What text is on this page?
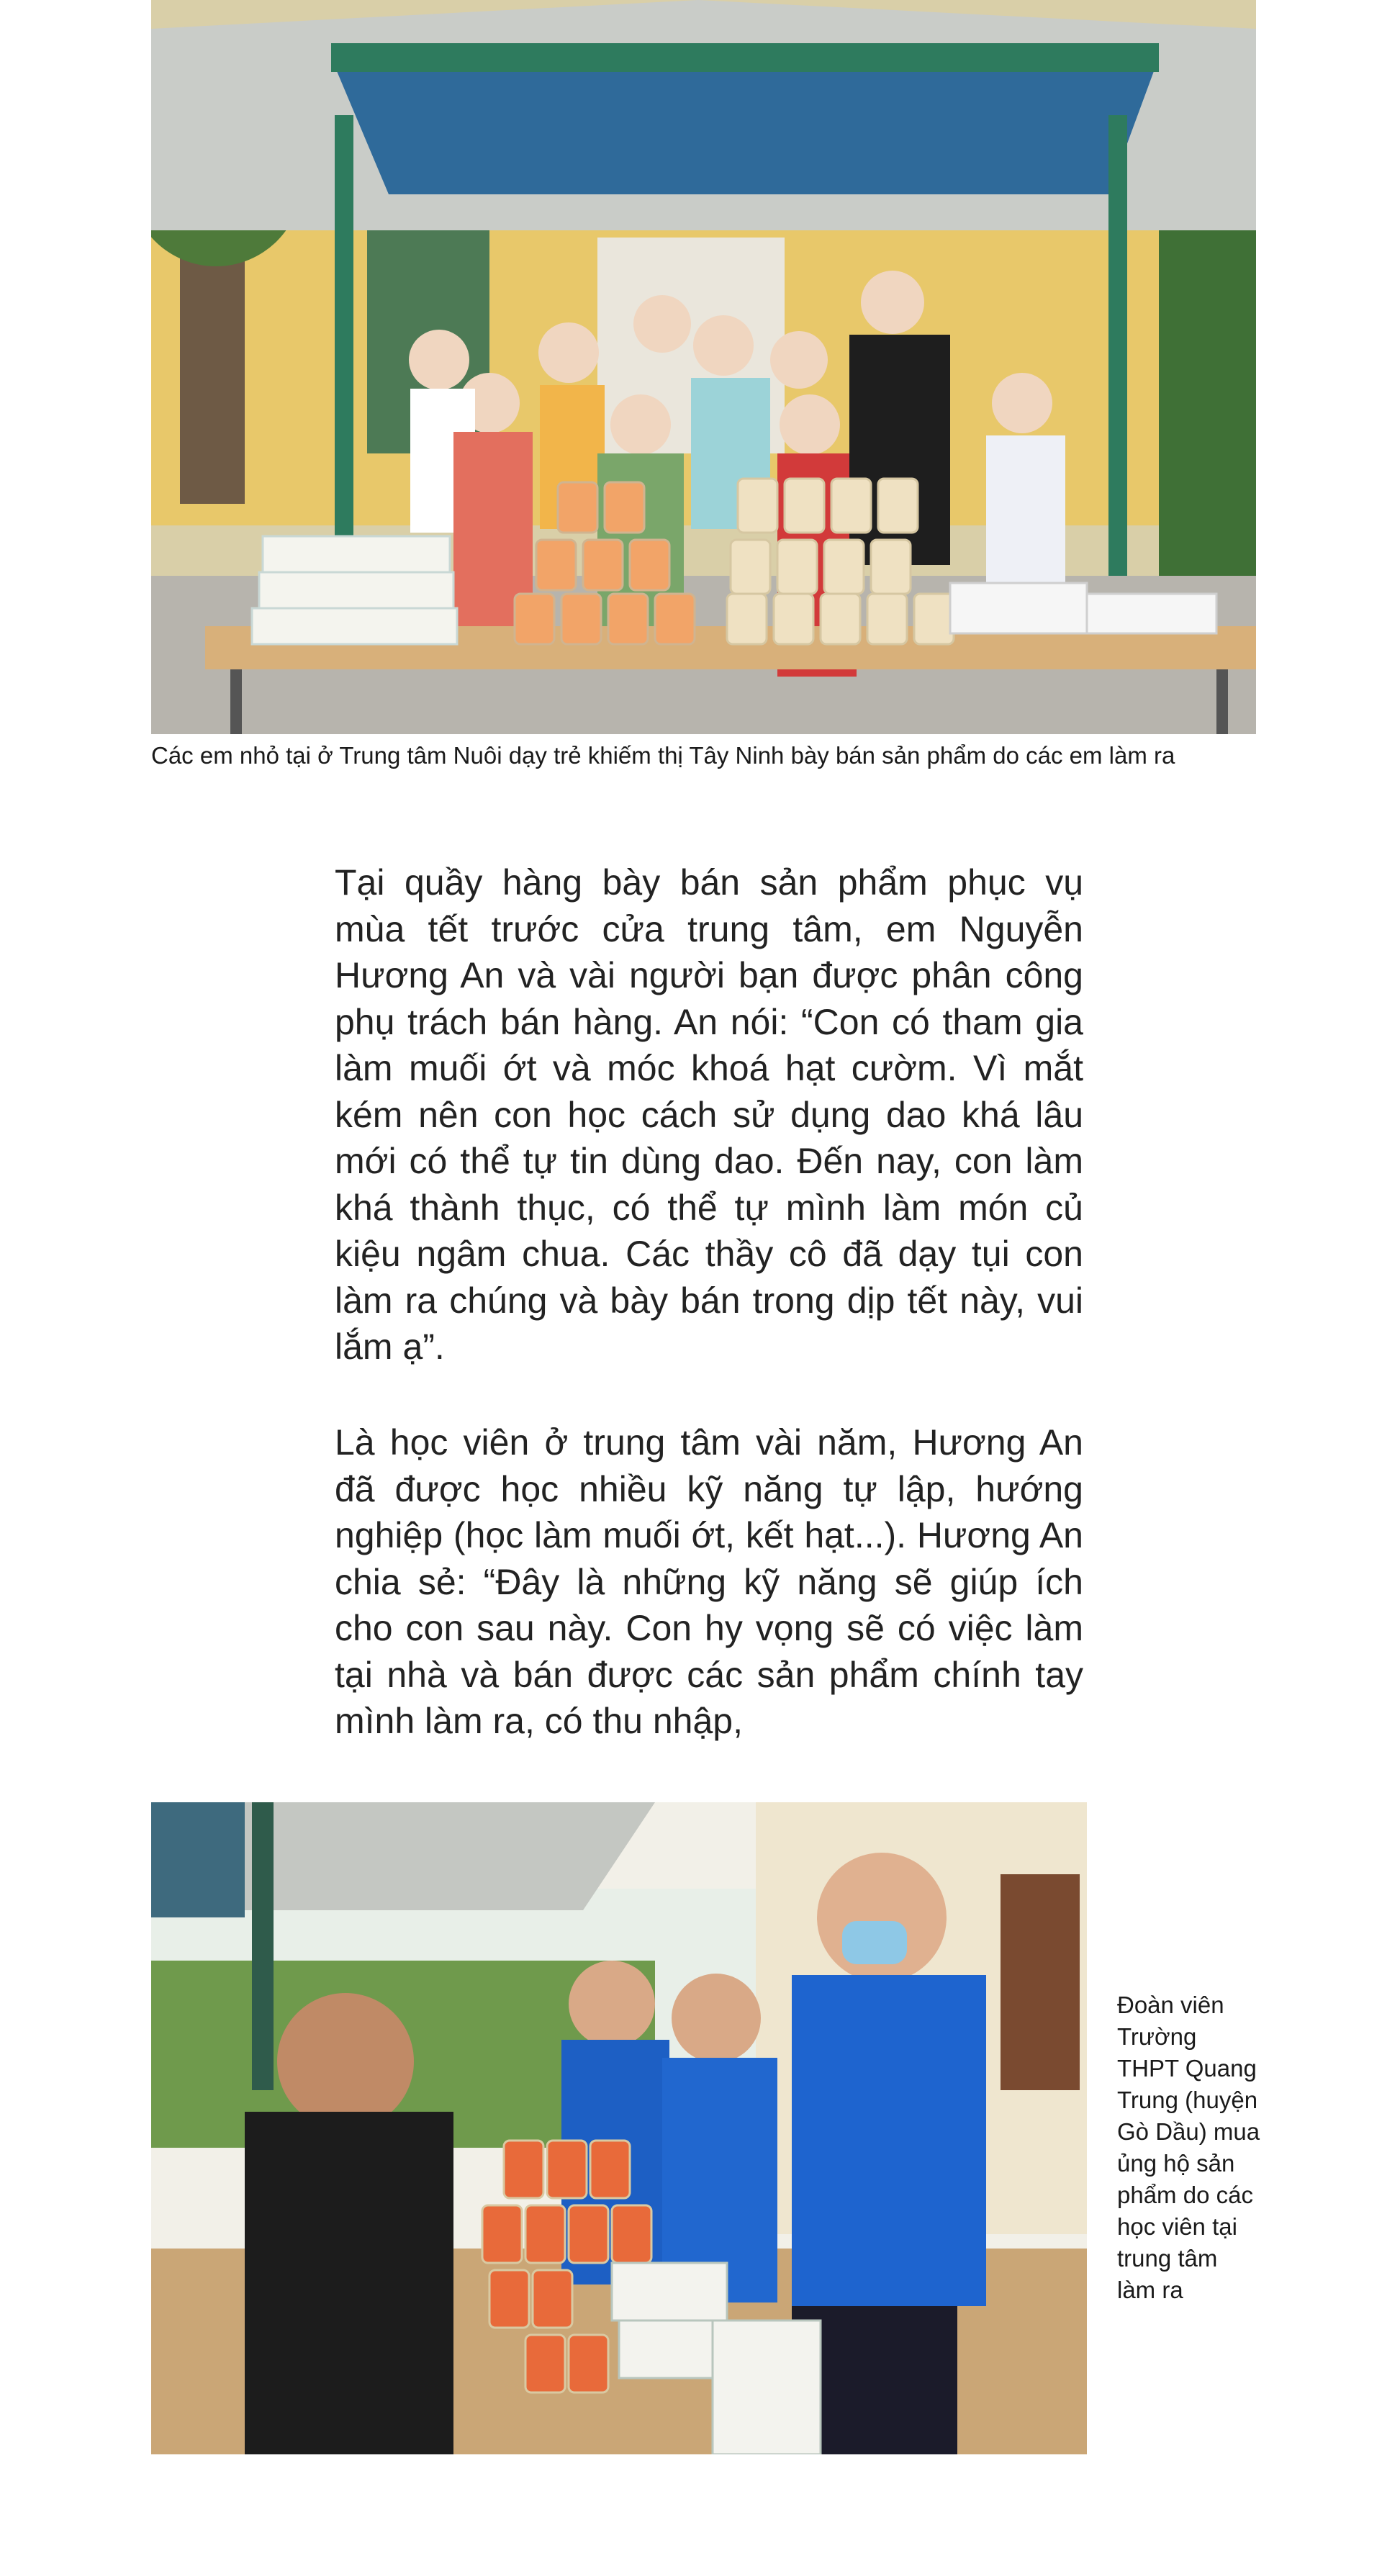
Các em nhỏ tại ở Trung tâm Nuôi dạy trẻ khiếm thị Tây Ninh bày bán sản phẩm do các em làm ra

Tại quầy hàng bày bán sản phẩm phục vụ mùa tết trước cửa trung tâm, em Nguyễn Hương An và vài người bạn được phân công phụ trách bán hàng. An nói: “Con có tham gia làm muối ớt và móc khoá hạt cườm. Vì mắt kém nên con học cách sử dụng dao khá lâu mới có thể tự tin dùng dao. Đến nay, con làm khá thành thục, có thể tự mình làm món củ kiệu ngâm chua. Các thầy cô đã dạy tụi con làm ra chúng và bày bán trong dịp tết này, vui lắm ạ”.

Là học viên ở trung tâm vài năm, Hương An đã được học nhiều kỹ năng tự lập, hướng nghiệp (học làm muối ớt, kết hạt...). Hương An chia sẻ: “Đây là những kỹ năng sẽ giúp ích cho con sau này. Con hy vọng sẽ có việc làm tại nhà và bán được các sản phẩm chính tay mình làm ra, có thu nhập,

Đoàn viên Trường THPT Quang Trung (huyện Gò Dầu) mua ủng hộ sản phẩm do các học viên tại trung tâm làm ra
